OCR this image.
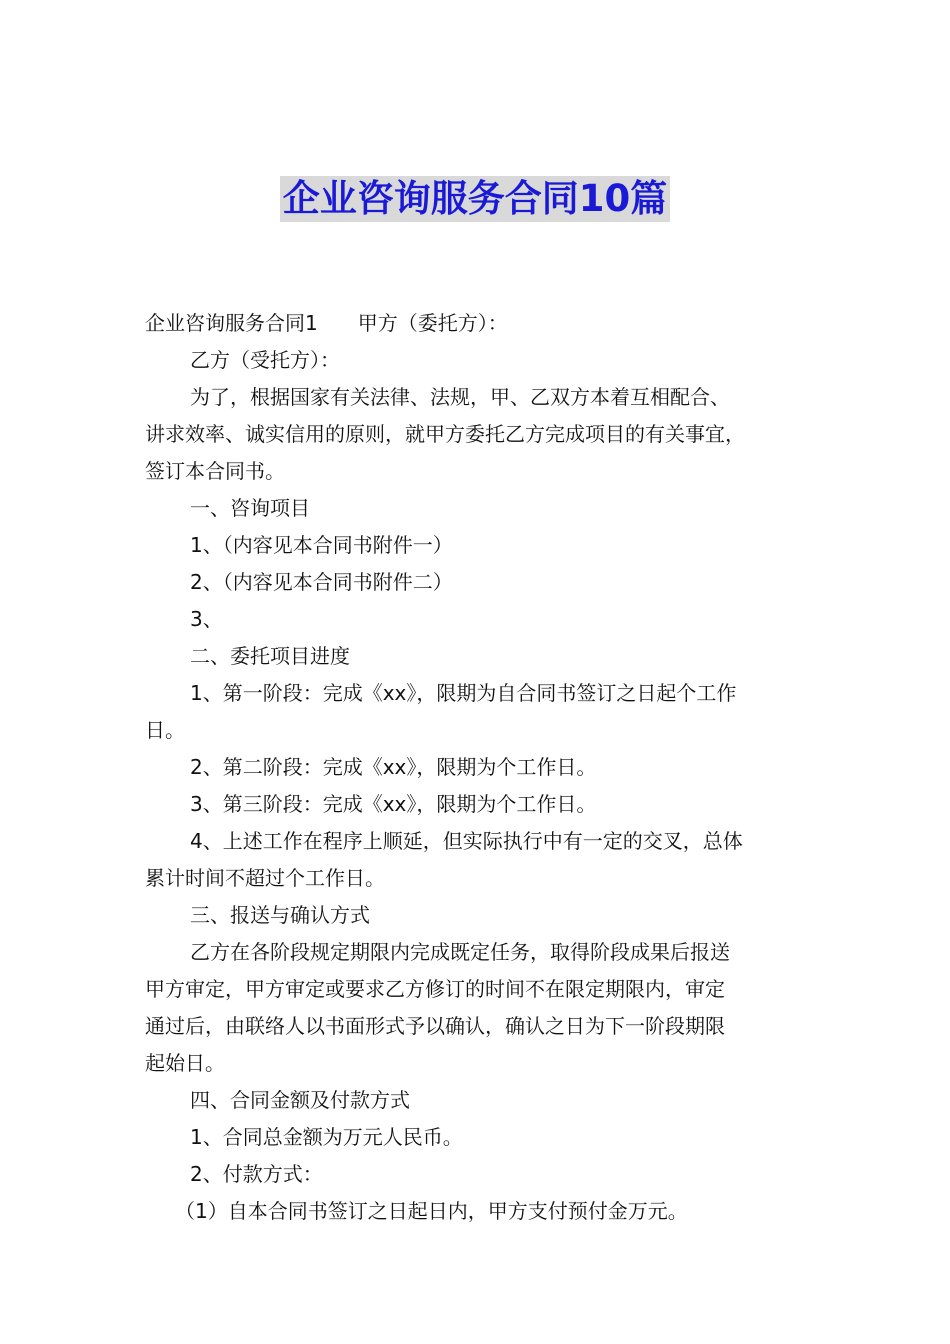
企业咨询服务合同10篇

企业咨询服务合同1 甲方（委托方）：

乙方（受托方）：

为了，根据国家有关法律、法规，甲、乙双方本着互相配合、

讲求效率、诚实信用的原则，就甲方委托乙方完成项目的有关事宜，

签订本合同书。

一、咨询项目

1、（内容见本合同书附件一）

2、（内容见本合同书附件二）

3、

二、委托项目进度

1、第一阶段：完成《xx》，限期为自合同书签订之日起个工作

日。

2、第二阶段：完成《xx》，限期为个工作日。

3、第三阶段：完成《xx》，限期为个工作日。

4、上述工作在程序上顺延，但实际执行中有一定的交叉，总体

累计时间不超过个工作日。

三、报送与确认方式

乙方在各阶段规定期限内完成既定任务，取得阶段成果后报送

甲方审定，甲方审定或要求乙方修订的时间不在限定期限内，审定

通过后，由联络人以书面形式予以确认，确认之日为下一阶段期限

起始日。

四、合同金额及付款方式

1、合同总金额为万元人民币。

2、付款方式：

（1）自本合同书签订之日起日内，甲方支付预付金万元。
